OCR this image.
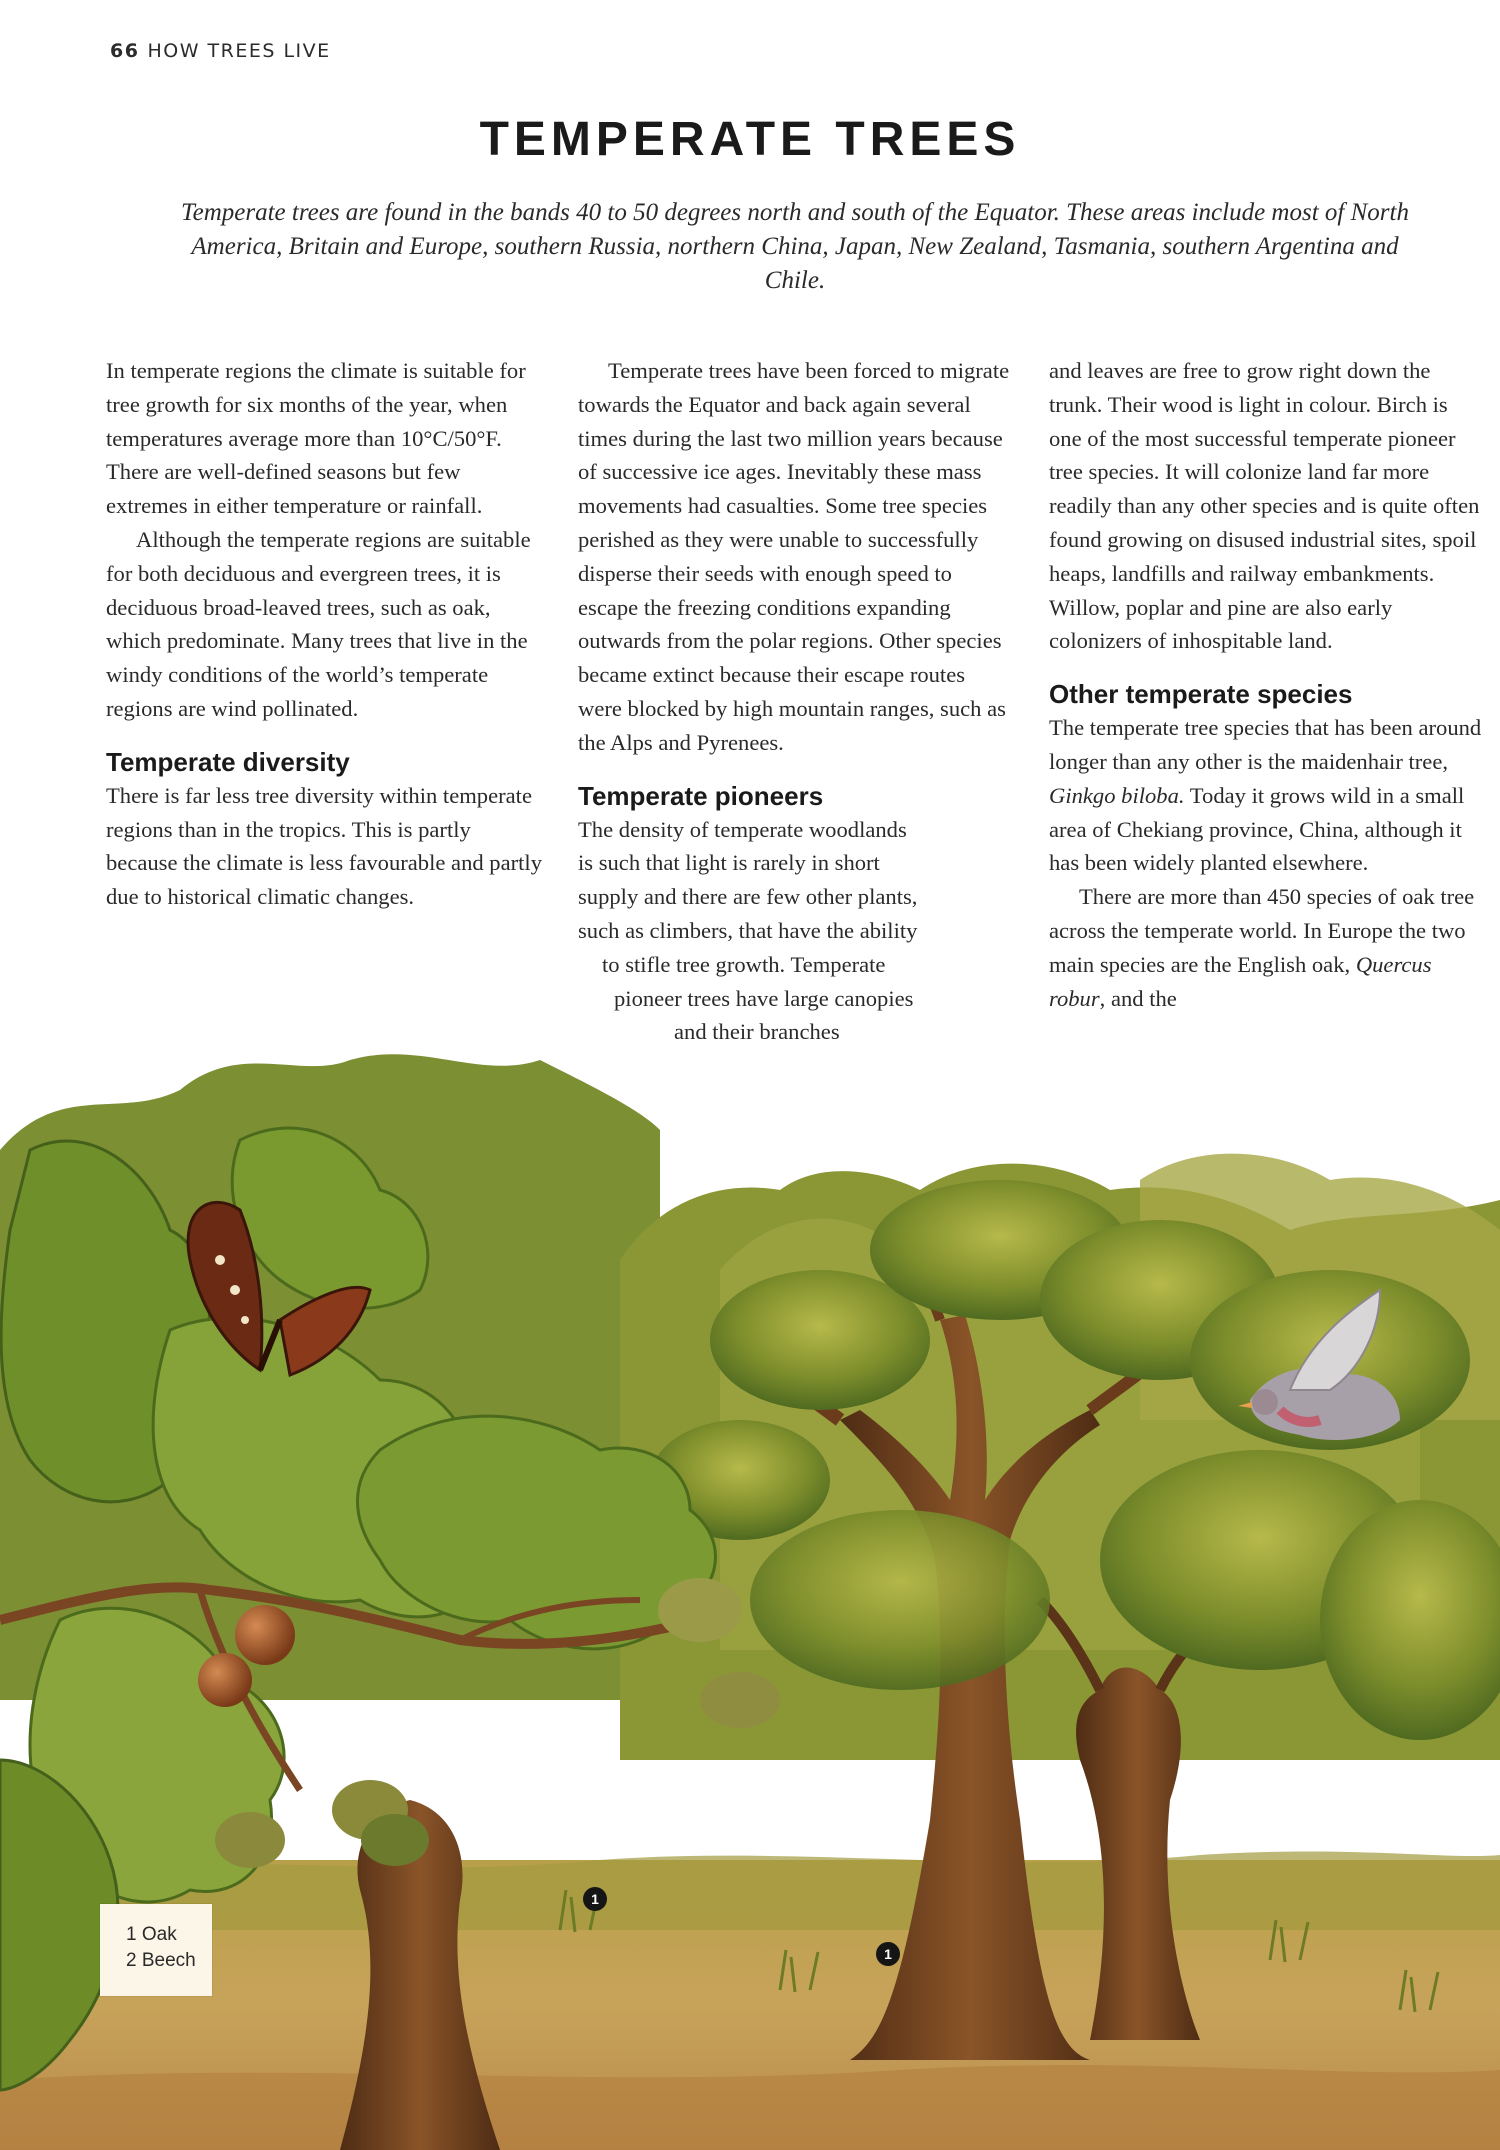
66 HOW TREES LIVE
TEMPERATE TREES

Temperate trees are found in the bands 40 to 50 degrees north and south of the Equator. These areas include most of North America, Britain and Europe, southern Russia, northern China, Japan, New Zealand, Tasmania, southern Argentina and Chile.

In temperate regions the climate is suitable for tree growth for six months of the year, when temperatures average more than 10°C/50°F. There are well-defined seasons but few extremes in either temperature or rainfall.

Although the temperate regions are suitable for both deciduous and evergreen trees, it is deciduous broad-leaved trees, such as oak, which predominate. Many trees that live in the windy conditions of the world’s temperate regions are wind pollinated.

Temperate diversity

There is far less tree diversity within temperate regions than in the tropics. This is partly because the climate is less favourable and partly due to historical climatic changes.

Temperate trees have been forced to migrate towards the Equator and back again several times during the last two million years because of successive ice ages. Inevitably these mass movements had casualties. Some tree species perished as they were unable to successfully disperse their seeds with enough speed to escape the freezing conditions expanding outwards from the polar regions. Other species became extinct because their escape routes were blocked by high mountain ranges, such as the Alps and Pyrenees.

Temperate pioneers
The density of temperate woodlands
is such that light is rarely in short
supply and there are few other plants,
such as climbers, that have the ability
to stifle tree growth. Temperate
pioneer trees have large canopies
and their branches

and leaves are free to grow right down the trunk. Their wood is light in colour. Birch is one of the most successful temperate pioneer tree species. It will colonize land far more readily than any other species and is quite often found growing on disused industrial sites, spoil heaps, landfills and railway embankments. Willow, poplar and pine are also early colonizers of inhospitable land.

Other temperate species

The temperate tree species that has been around longer than any other is the maidenhair tree, Ginkgo biloba. Today it grows wild in a small area of Chekiang province, China, although it has been widely planted elsewhere.

There are more than 450 species of oak tree across the temperate world. In Europe the two main species are the English oak, Quercus robur, and the

1
1
1 Oak
2 Beech
